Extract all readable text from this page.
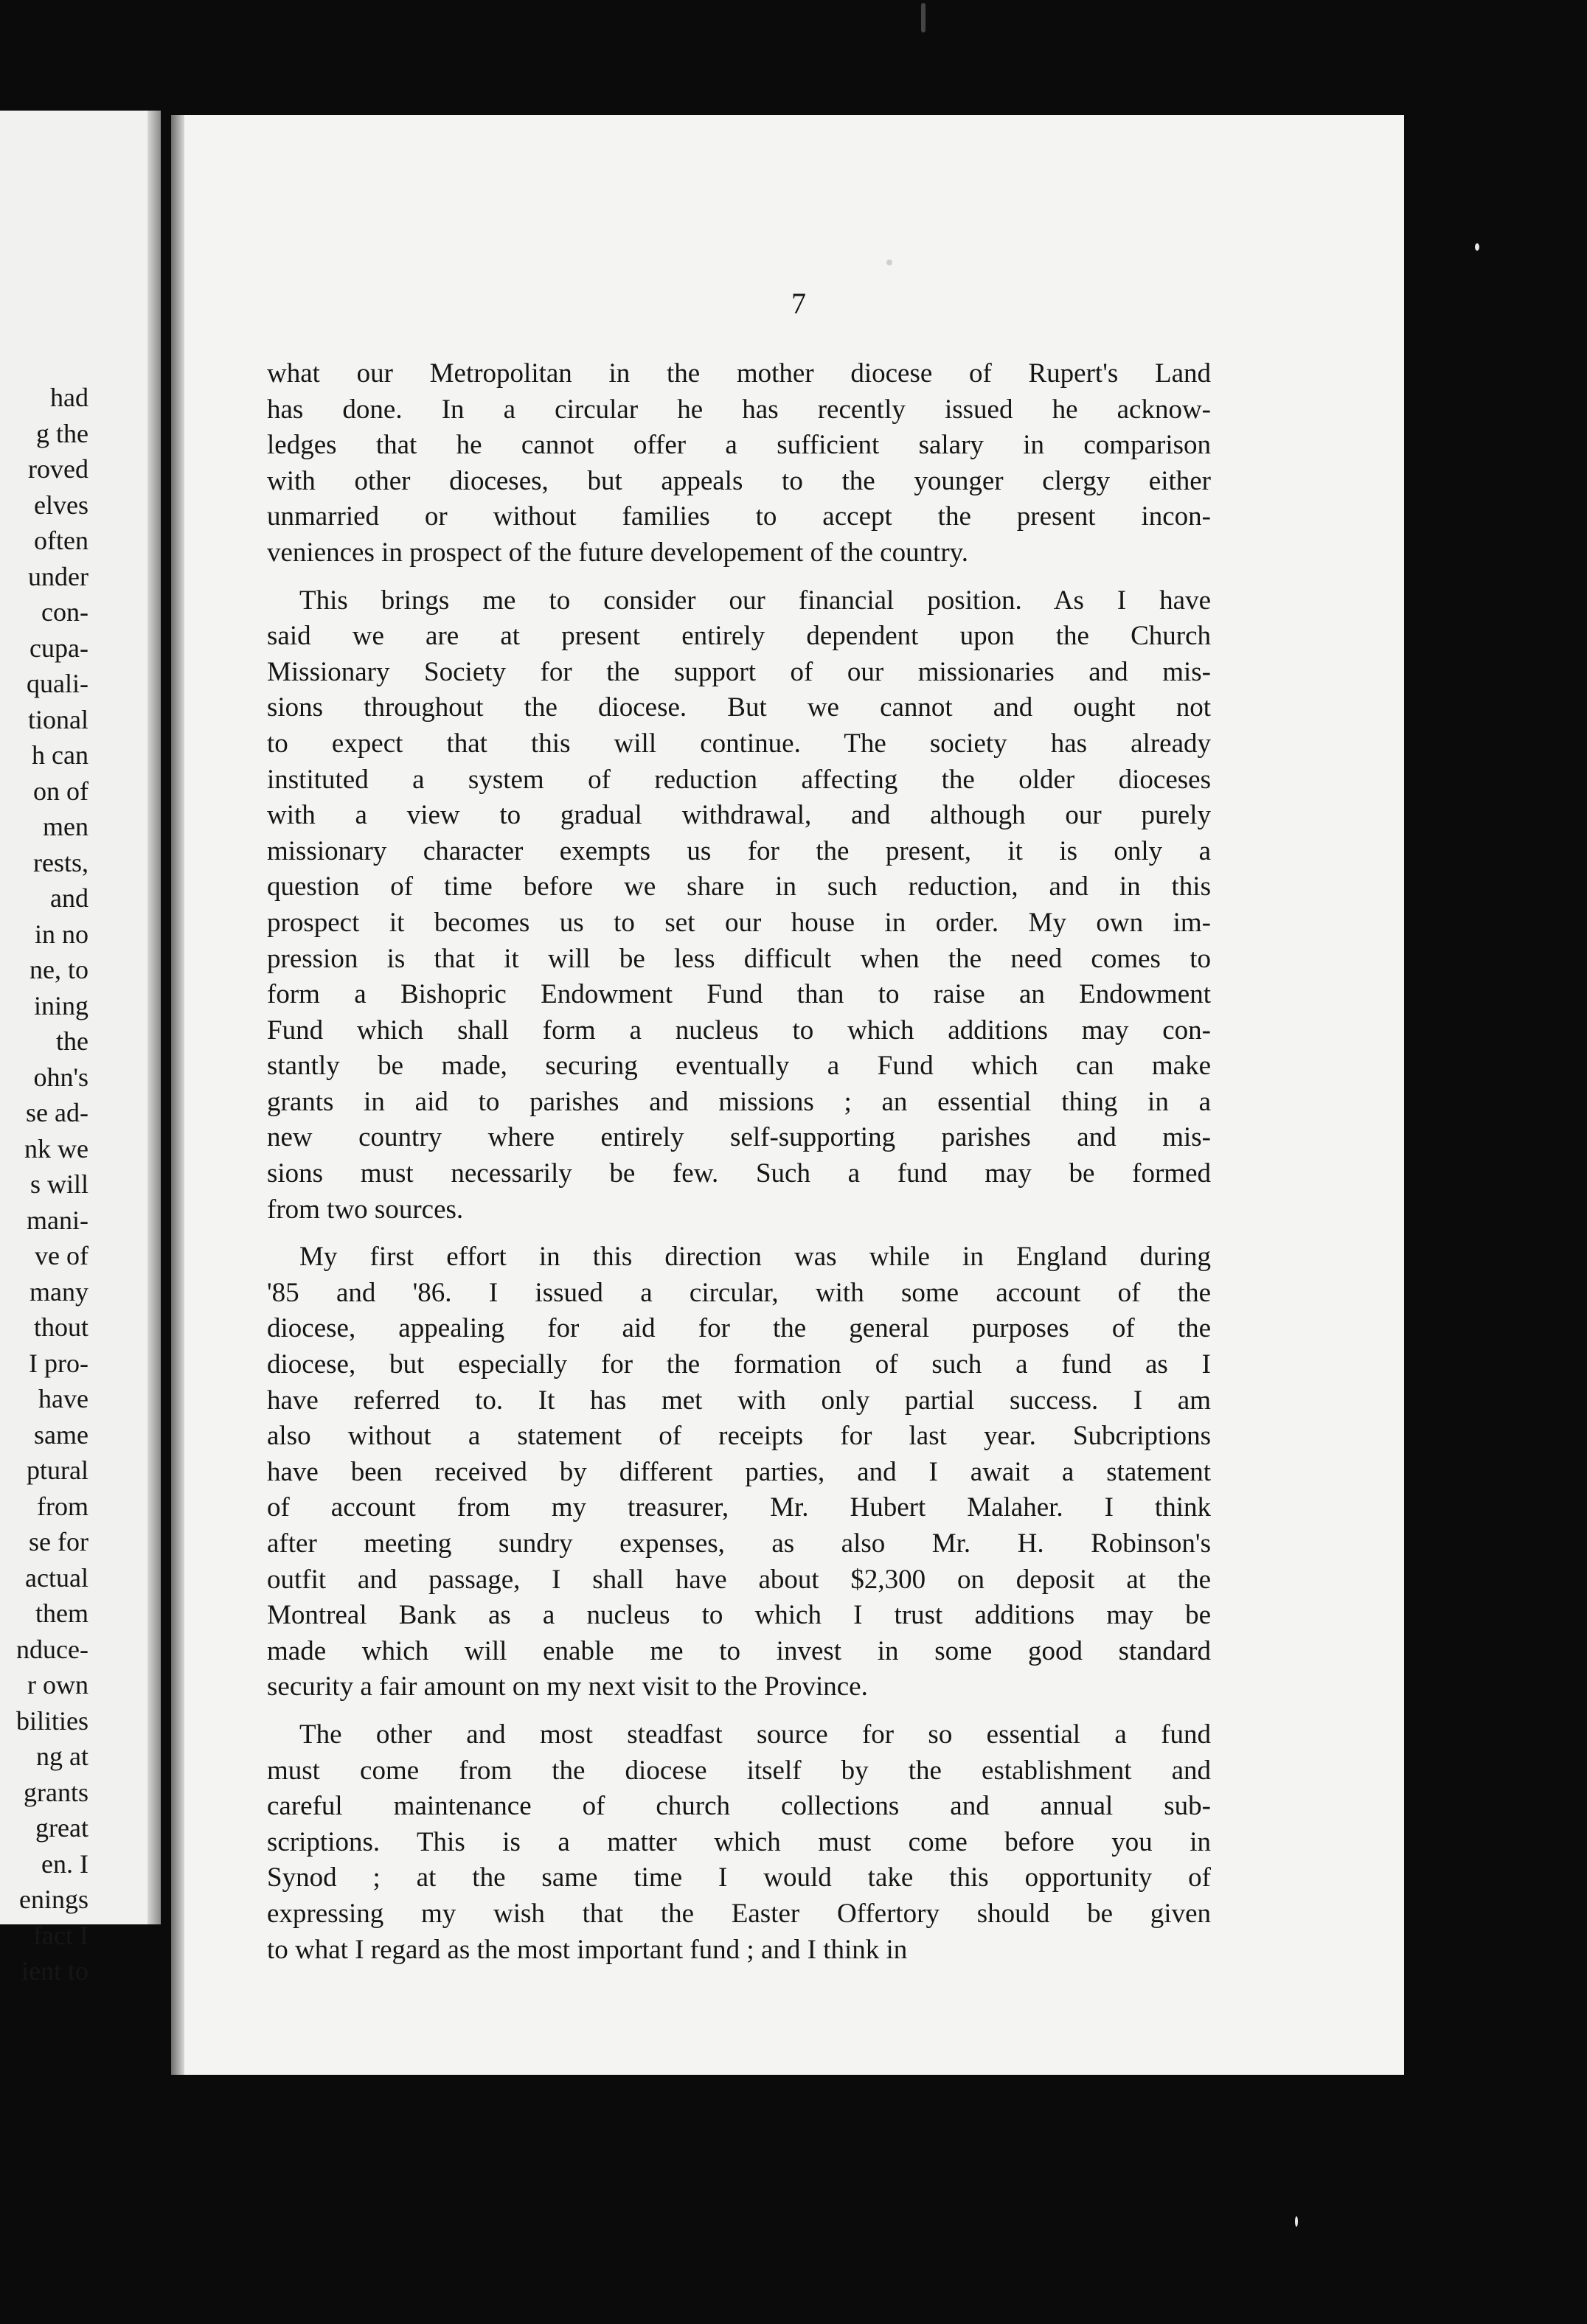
had
g the
roved
elves
often
under
con-
cupa-
quali-
tional
h can
on of
men
rests,
and
in no
ne, to
ining
the
ohn's
se ad-
nk we
s will
mani-
ve of
many
thout
I pro-
have
same
ptural
from
se for
actual
them
nduce-
r own
bilities
ng at
grants
great
en. I
enings
fact I
ient to
7
what our Metropolitan in the mother diocese of Rupert's Land
has done. In a circular he has recently issued he acknow-
ledges that he cannot offer a sufficient salary in comparison
with other dioceses, but appeals to the younger clergy either
unmarried or without families to accept the present incon-
veniences in prospect of the future developement of the country.
This brings me to consider our financial position. As I have
said we are at present entirely dependent upon the Church
Missionary Society for the support of our missionaries and mis-
sions throughout the diocese. But we cannot and ought not
to expect that this will continue. The society has already
instituted a system of reduction affecting the older dioceses
with a view to gradual withdrawal, and although our purely
missionary character exempts us for the present, it is only a
question of time before we share in such reduction, and in this
prospect it becomes us to set our house in order. My own im-
pression is that it will be less difficult when the need comes to
form a Bishopric Endowment Fund than to raise an Endowment
Fund which shall form a nucleus to which additions may con-
stantly be made, securing eventually a Fund which can make
grants in aid to parishes and missions ; an essential thing in a
new country where entirely self-supporting parishes and mis-
sions must necessarily be few. Such a fund may be formed
from two sources.
My first effort in this direction was while in England during
'85 and '86. I issued a circular, with some account of the
diocese, appealing for aid for the general purposes of the
diocese, but especially for the formation of such a fund as I
have referred to. It has met with only partial success. I am
also without a statement of receipts for last year. Subcriptions
have been received by different parties, and I await a statement
of account from my treasurer, Mr. Hubert Malaher. I think
after meeting sundry expenses, as also Mr. H. Robinson's
outfit and passage, I shall have about $2,300 on deposit at the
Montreal Bank as a nucleus to which I trust additions may be
made which will enable me to invest in some good standard
security a fair amount on my next visit to the Province.
The other and most steadfast source for so essential a fund
must come from the diocese itself by the establishment and
careful maintenance of church collections and annual sub-
scriptions. This is a matter which must come before you in
Synod ; at the same time I would take this opportunity of
expressing my wish that the Easter Offertory should be given
to what I regard as the most important fund ; and I think in
